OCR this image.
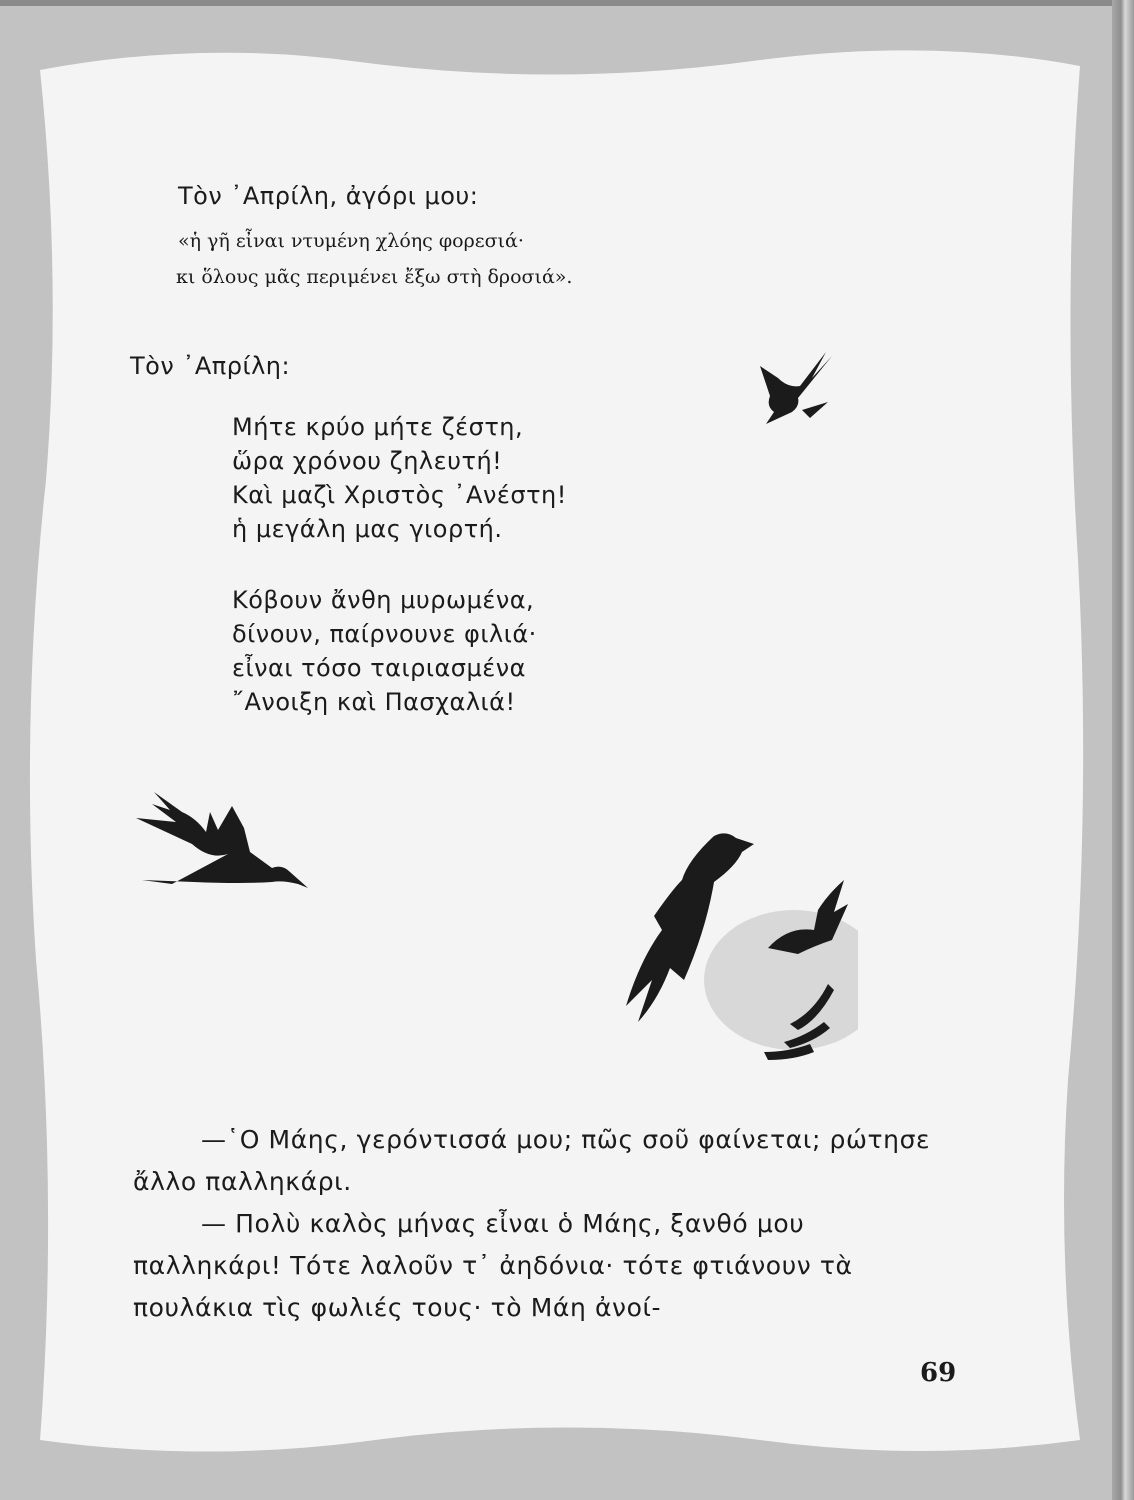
Τὸν ᾿Απρίλη, ἀγόρι μου:
«ἡ γῆ εἶναι ντυμένη χλόης φορεσιά·
κι ὅλους μᾶς περιμένει ἔξω στὴ δροσιά».
Τὸν ᾿Απρίλη:
Μήτε κρύο μήτε ζέστη,
ὥρα χρόνου ζηλευτή!
Καὶ μαζὶ Χριστὸς ᾿Ανέστη!
ἡ μεγάλη μας γιορτή.
Κόβουν ἄνθη μυρωμένα,
δίνουν, παίρνουνε φιλιά·
εἶναι τόσο ταιριασμένα
῎Ανοιξη καὶ Πασχαλιά!
—῾Ο Μάης, γερόντισσά μου; πῶς σοῦ φαίνεται; ρώτησε ἄλλο παλληκάρι.
— Πολὺ καλὸς μήνας εἶναι ὁ Μάης, ξανθό μου παλληκάρι! Τότε λαλοῦν τ᾿ ἀηδόνια· τότε φτιάνουν τὰ πουλάκια τὶς φωλιές τους· τὸ Μάη ἀνοί-
69
